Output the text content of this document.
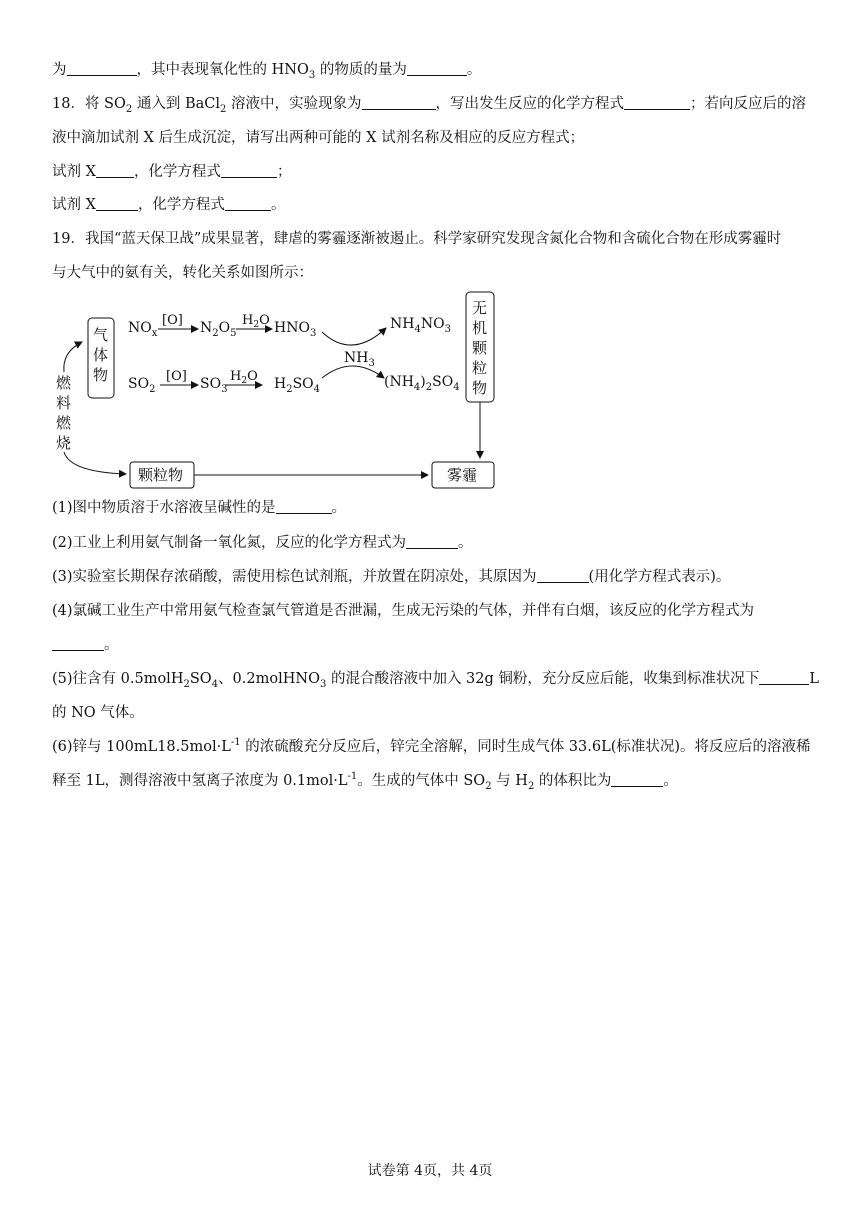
为	，其中表现氧化性的 $HNO_3$ 的物质的量为	。
18．将 $SO_2$ 通入到 BaCl$_2$ 溶液中，实验现象为	，写出发生反应的化学方程式	；若向反应后的溶
液中滴加试剂 X 后生成沉淀，请写出两种可能的 X 试剂名称及相应的反应方程式；
试剂 X	，化学方程式	；
试剂 X	，化学方程式	。
19．我国“蓝天保卫战”成果显著，肆虐的雾霾逐渐被遏止。科学家研究发现含氮化合物和含硫化合物在形成雾霾时
与大气中的氨有关，转化关系如图所示：
燃
料
燃
烧
气
体
物
$NO_x$
[O] $N_2O_5$
$H_2O$ $HNO_3$
$NH_4NO_3$
$NH_3$
$SO_2$
[O] $SO_3$
$H_2O$ $H_2SO_4$	$(NH_4)_2SO_4$
无
机
颗
粒
物
颗粒物	雾霾
(1)图中物质溶于水溶液呈碱性的是	。
(2)工业上利用氨气制备一氧化氮，反应的化学方程式为	。
(3)实验室长期保存浓硝酸，需使用棕色试剂瓶，并放置在阴凉处，其原因为	(用化学方程式表示)。
(4)氯碱工业生产中常用氨气检查氯气管道是否泄漏，生成无污染的气体，并伴有白烟，该反应的化学方程式为
。
(5)往含有 $0.5molH_2SO_4$、0.2molHNO$_3$ 的混合酸溶液中加入 32g 铜粉，充分反应后能，收集到标准状况下	L
的 NO 气体。
(6)锌与 $100mL18.5mol\cdot L^{-1}$ 的浓硫酸充分反应后，锌完全溶解，同时生成气体 33.6L(标准状况)。将反应后的溶液稀
释至 1L，测得溶液中氢离子浓度为 $0.1mol\cdot L^{-1}$。生成的气体中 $SO_2$ 与 $H_2$ 的体积比为	。
试卷第 4页，共 4页
